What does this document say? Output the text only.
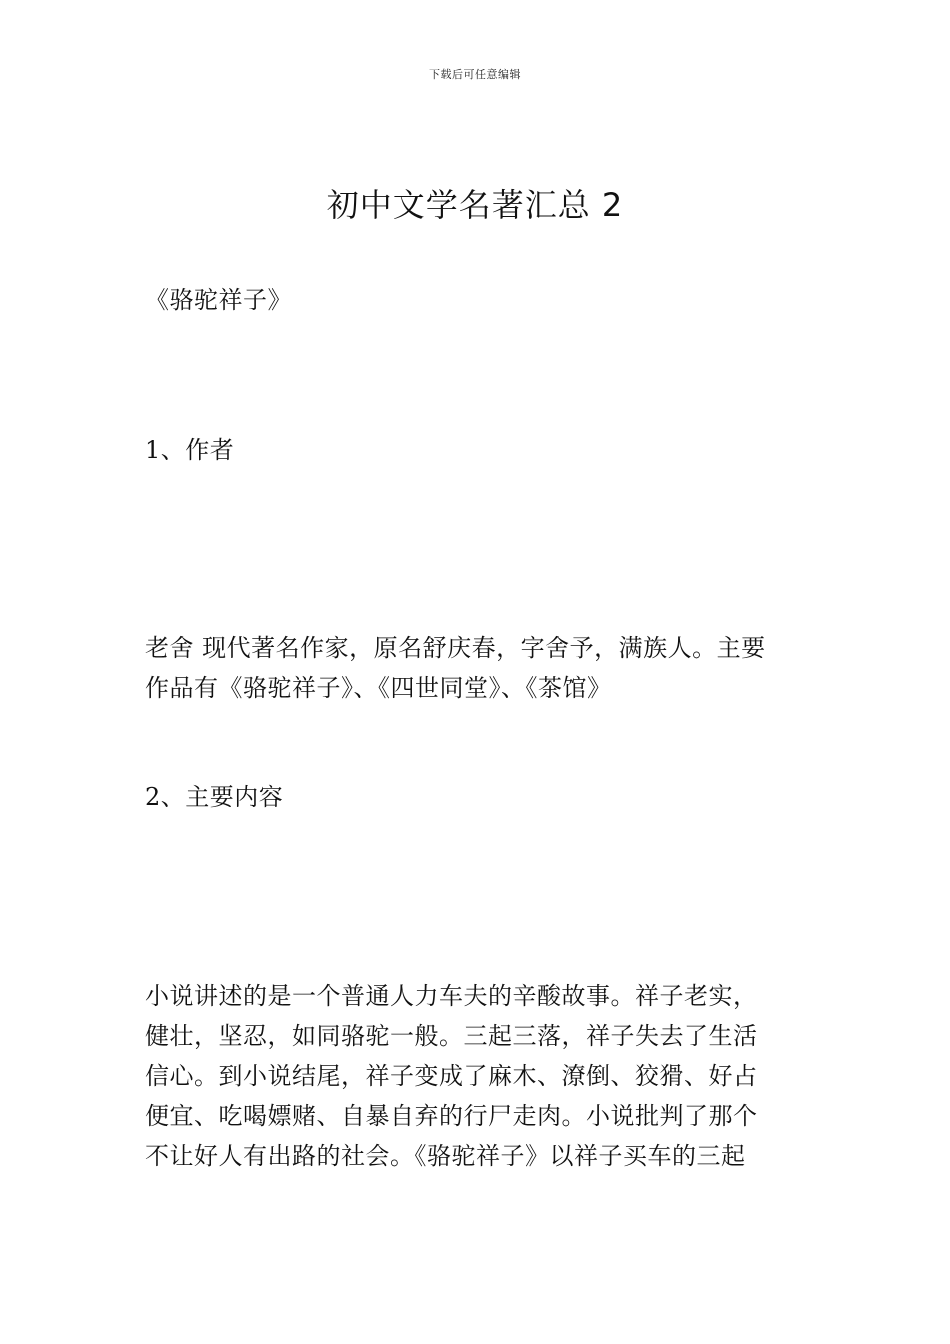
下载后可任意编辑
初中文学名著汇总 2
《骆驼祥子》
1、作者
老舍 现代著名作家，原名舒庆春，字舍予，满族人。主要
作品有《骆驼祥子》、《四世同堂》、《茶馆》
2、主要内容
小说讲述的是一个普通人力车夫的辛酸故事。祥子老实，
健壮，坚忍，如同骆驼一般。三起三落，祥子失去了生活
信心。到小说结尾，祥子变成了麻木、潦倒、狡猾、好占
便宜、吃喝嫖赌、自暴自弃的行尸走肉。小说批判了那个
不让好人有出路的社会。《骆驼祥子》以祥子买车的三起
